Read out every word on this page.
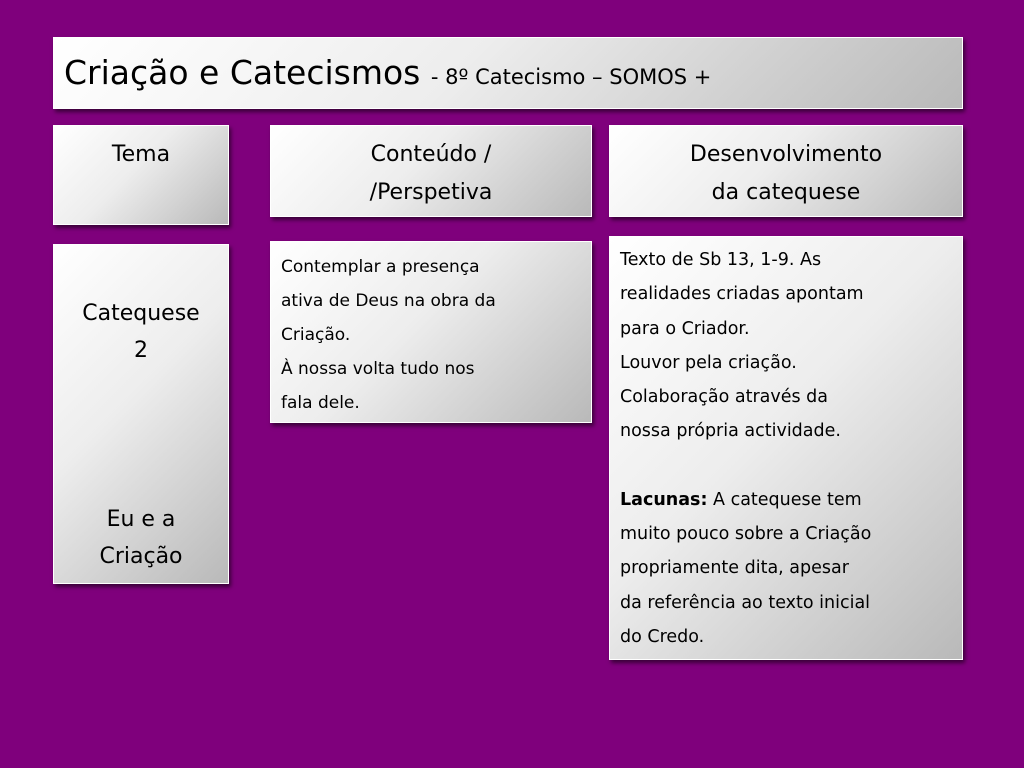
Criação e Catecismos - 8º Catecismo – SOMOS +
Tema	Conteúdo /
/Perspetiva
Desenvolvimento
da catequese
Catequese
2
Eu e a
Criação

Contemplar a presença

ativa de Deus na obra da

Criação.

À nossa volta tudo nos

fala dele.

Texto de Sb 13, 1-9. As

realidades criadas apontam

para o Criador.

Louvor pela criação.

Colaboração através da

nossa própria actividade.

Lacunas: A catequese tem

muito pouco sobre a Criação

propriamente dita, apesar

da referência ao texto inicial

do Credo.
